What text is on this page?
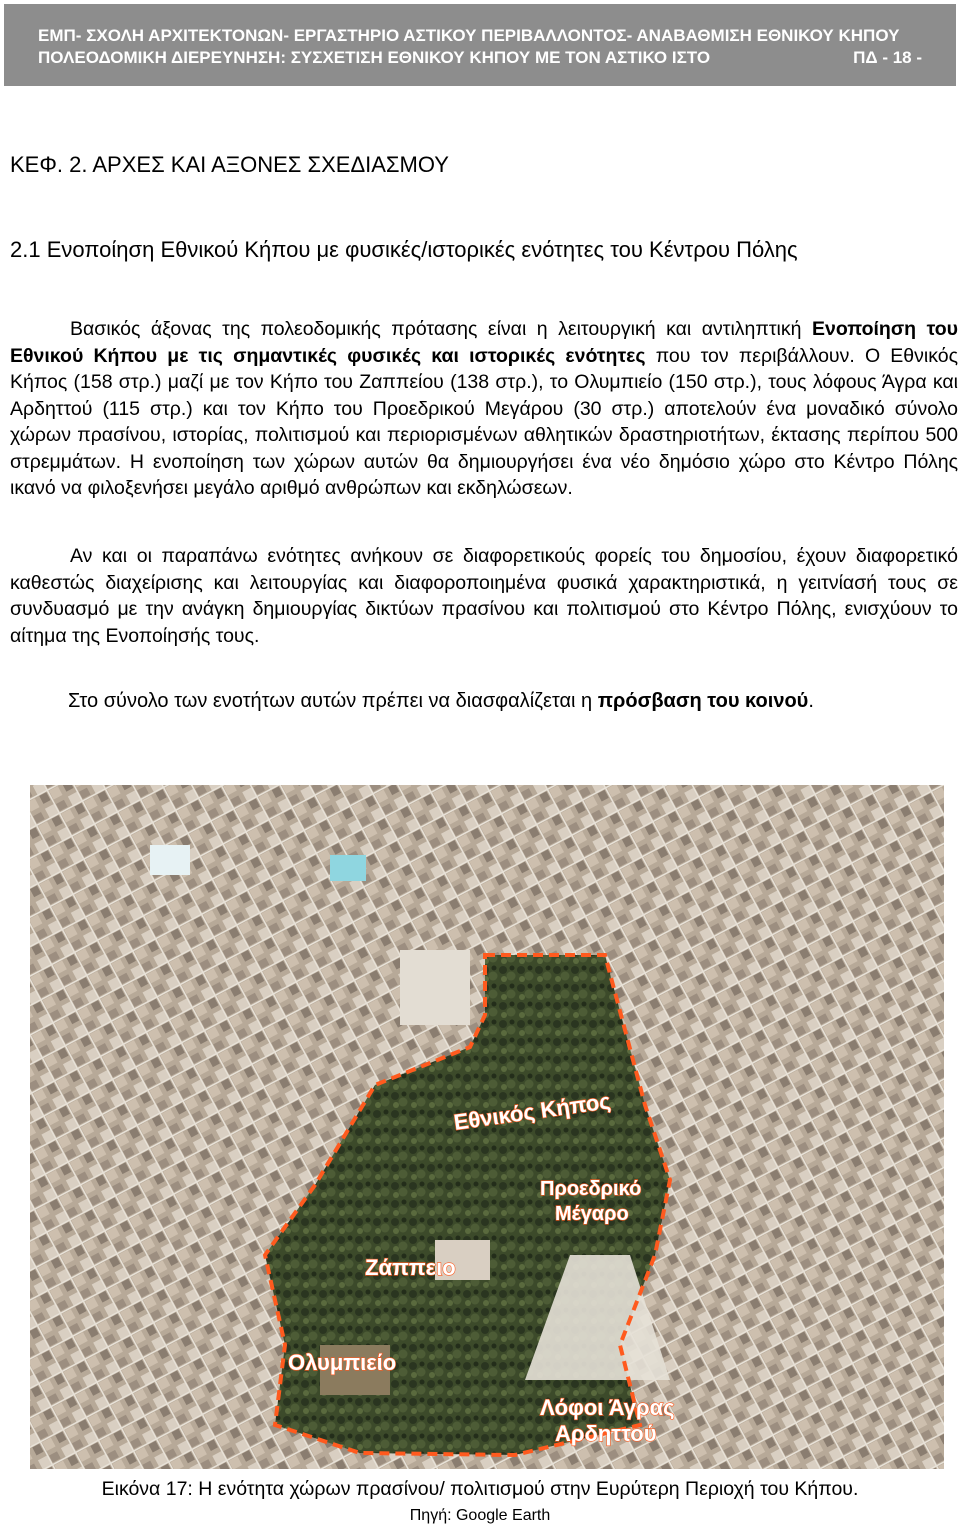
ΕΜΠ- ΣΧΟΛΗ ΑΡΧΙΤΕΚΤΟΝΩΝ- ΕΡΓΑΣΤΗΡΙΟ ΑΣΤΙΚΟΥ ΠΕΡΙΒΑΛΛΟΝΤΟΣ- ΑΝΑΒΑΘΜΙΣΗ ΕΘΝΙΚΟΥ ΚΗΠΟΥ
ΠΟΛΕΟΔΟΜΙΚΗ ΔΙΕΡΕΥΝΗΣΗ: ΣΥΣΧΕΤΙΣΗ ΕΘΝΙΚΟΥ ΚΗΠΟΥ ΜΕ ΤΟΝ ΑΣΤΙΚΟ ΙΣΤΟ	ΠΔ - 18 -
ΚΕΦ. 2. ΑΡΧΕΣ ΚΑΙ ΑΞΟΝΕΣ ΣΧΕΔΙΑΣΜΟΥ
2.1 Ενοποίηση Εθνικού Κήπου με φυσικές/ιστορικές ενότητες του Κέντρου Πόλης

Βασικός άξονας της πολεοδομικής πρότασης είναι η λειτουργική και αντιληπτική Ενοποίηση του Εθνικού Κήπου με τις σημαντικές φυσικές και ιστορικές ενότητες που τον περιβάλλουν. Ο Εθνικός Κήπος (158 στρ.) μαζί με τον Κήπο του Ζαππείου (138 στρ.), το Ολυμπιείο (150 στρ.), τους λόφους Άγρα και Αρδηττού (115 στρ.) και τον Κήπο του Προεδρικού Μεγάρου (30 στρ.) αποτελούν ένα μοναδικό σύνολο χώρων πρασίνου, ιστορίας, πολιτισμού και περιορισμένων αθλητικών δραστηριοτήτων, έκτασης περίπου 500 στρεμμάτων. Η ενοποίηση των χώρων αυτών θα δημιουργήσει ένα νέο δημόσιο χώρο στο Κέντρο Πόλης ικανό να φιλοξενήσει μεγάλο αριθμό ανθρώπων και εκδηλώσεων.

Αν και οι παραπάνω ενότητες ανήκουν σε διαφορετικούς φορείς του δημοσίου, έχουν διαφορετικό καθεστώς διαχείρισης και λειτουργίας και διαφοροποιημένα φυσικά χαρακτηριστικά, η γειτνίασή τους σε συνδυασμό με την ανάγκη δημιουργίας δικτύων πρασίνου και πολιτισμού στο Κέντρο Πόλης, ενισχύουν το αίτημα της Ενοποίησής τους.

Στο σύνολο των ενοτήτων αυτών πρέπει να διασφαλίζεται η πρόσβαση του κοινού.
Εθνικός Κήπος
Προεδρικό
Μέγαρο
Ζάππειο
Ολυμπιείο
Λόφοι Άγρας
Αρδηττού
Εικόνα 17: Η ενότητα χώρων πρασίνου/ πολιτισμού στην Ευρύτερη Περιοχή του Κήπου.
Πηγή: Google Earth
